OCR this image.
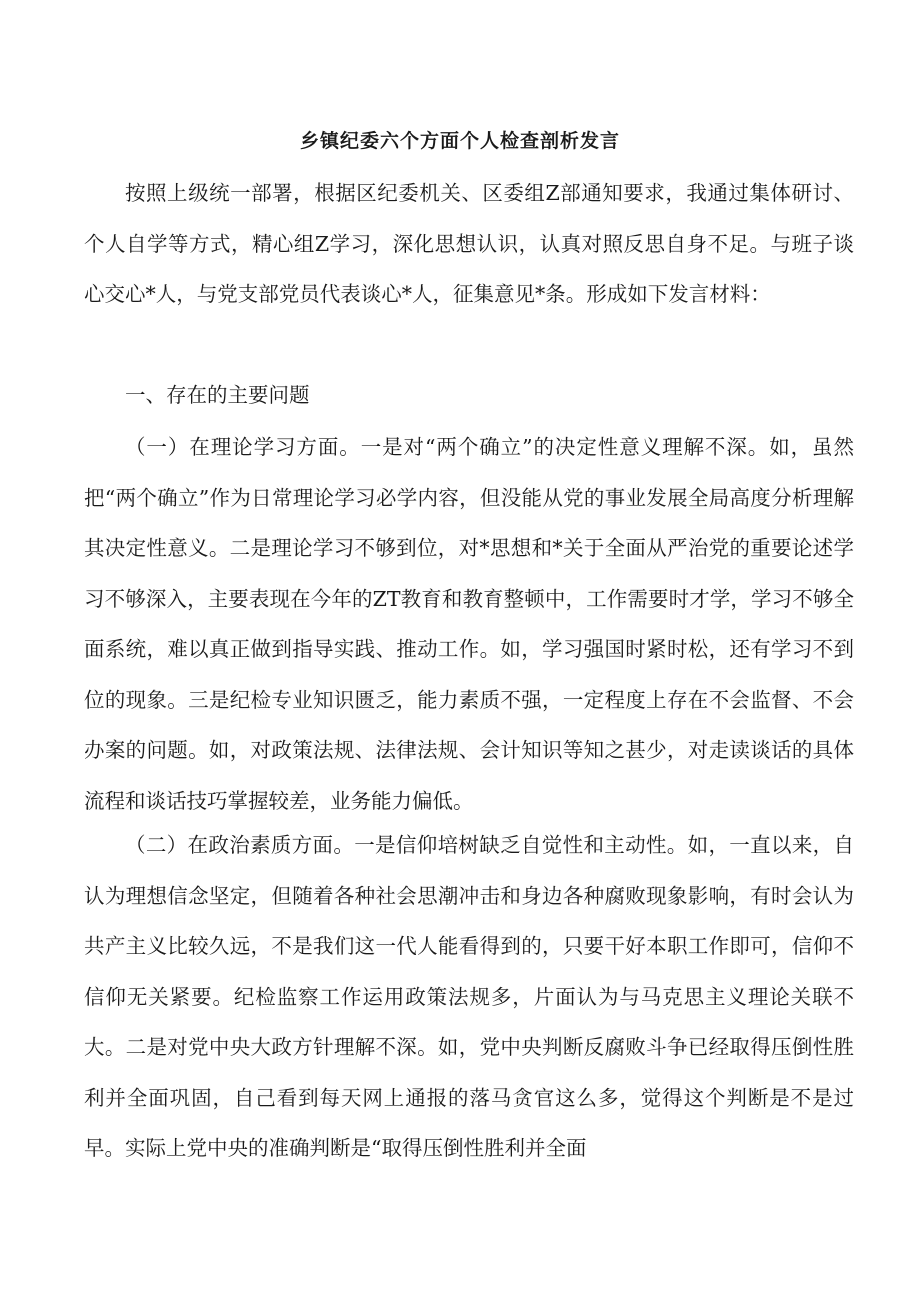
乡镇纪委六个方面个人检查剖析发言

按照上级统一部署，根据区纪委机关、区委组Z部通知要求，我通过集体研讨、个人自学等方式，精心组Z学习，深化思想认识，认真对照反思自身不足。与班子谈心交心*人，与党支部党员代表谈心*人，征集意见*条。形成如下发言材料：

一、存在的主要问题

（一）在理论学习方面。一是对“两个确立”的决定性意义理解不深。如，虽然把“两个确立”作为日常理论学习必学内容，但没能从党的事业发展全局高度分析理解其决定性意义。二是理论学习不够到位，对*思想和*关于全面从严治党的重要论述学习不够深入，主要表现在今年的ZT教育和教育整顿中，工作需要时才学，学习不够全面系统，难以真正做到指导实践、推动工作。如，学习强国时紧时松，还有学习不到位的现象。三是纪检专业知识匮乏，能力素质不强，一定程度上存在不会监督、不会办案的问题。如，对政策法规、法律法规、会计知识等知之甚少，对走读谈话的具体流程和谈话技巧掌握较差，业务能力偏低。

（二）在政治素质方面。一是信仰培树缺乏自觉性和主动性。如，一直以来，自认为理想信念坚定，但随着各种社会思潮冲击和身边各种腐败现象影响，有时会认为共产主义比较久远，不是我们这一代人能看得到的，只要干好本职工作即可，信仰不信仰无关紧要。纪检监察工作运用政策法规多，片面认为与马克思主义理论关联不大。二是对党中央大政方针理解不深。如，党中央判断反腐败斗争已经取得压倒性胜利并全面巩固，自己看到每天网上通报的落马贪官这么多，觉得这个判断是不是过早。实际上党中央的准确判断是“取得压倒性胜利并全面
